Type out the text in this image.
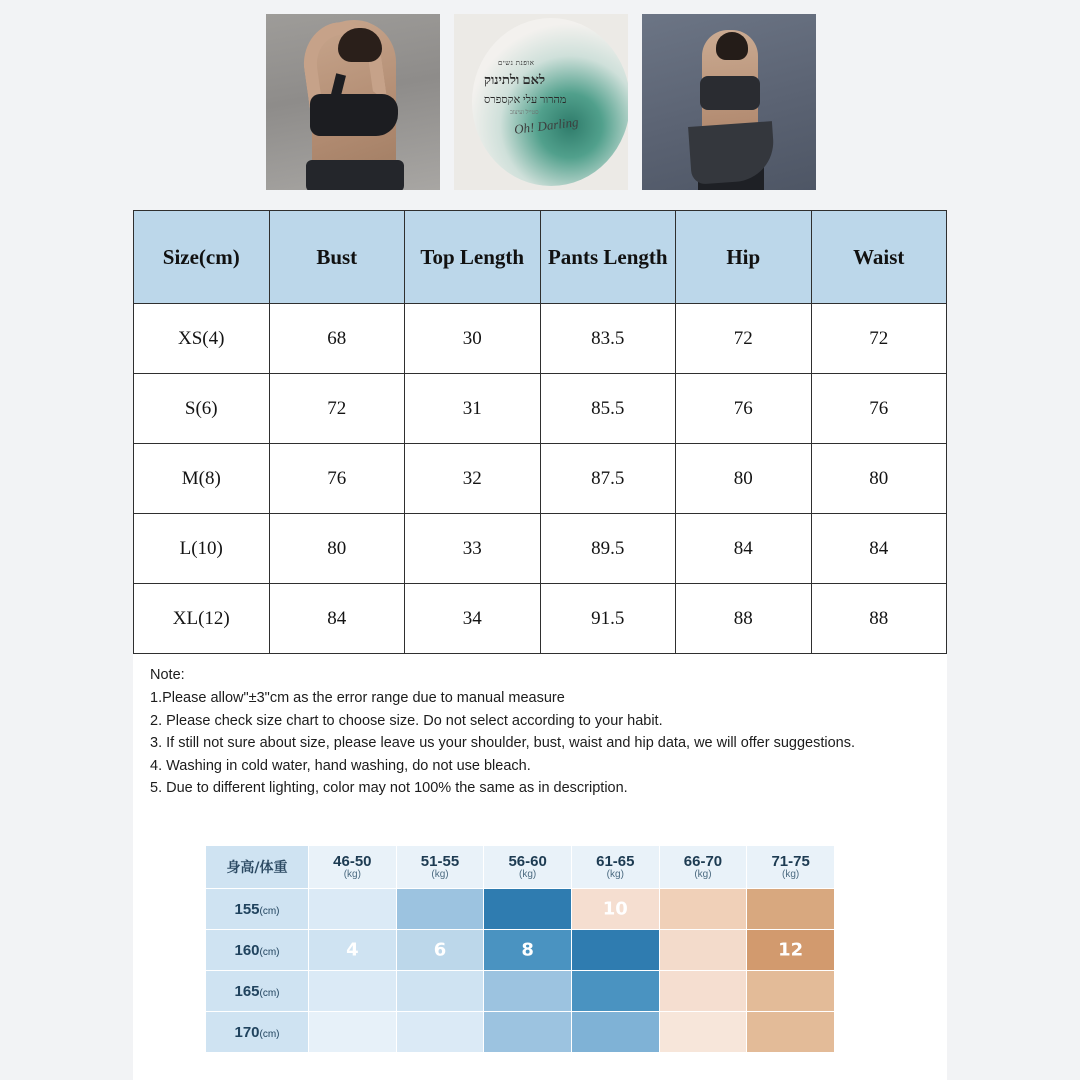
אופנת נשים
לאם ולתינוק
מהרור עלי אקספרס
סטייל ועיצוב
Oh! Darling
Size(cm)	Bust	Top Length	Pants Length	Hip	Waist
XS(4)	68	30	83.5	72	72
S(6)	72	31	85.5	76	76
M(8)	76	32	87.5	80	80
L(10)	80	33	89.5	84	84
XL(12)	84	34	91.5	88	88
Note:
1.Please allow"±3"cm as the error range due to manual measure
2. Please check size chart to choose size. Do not select according to your habit.
3. If still not sure about size, please leave us your shoulder, bust, waist and hip data, we will offer suggestions.
4. Washing in cold water, hand washing, do not use bleach.
5. Due to different lighting, color may not 100% the same as in description.
身高/体重	46-50
(kg)	51-55
(kg)	56-60
(kg)	61-65
(kg)	66-70
(kg)	71-75
(kg)

155(cm)				10		

160(cm)	4	6	8			12

165(cm)						
170(cm)						
